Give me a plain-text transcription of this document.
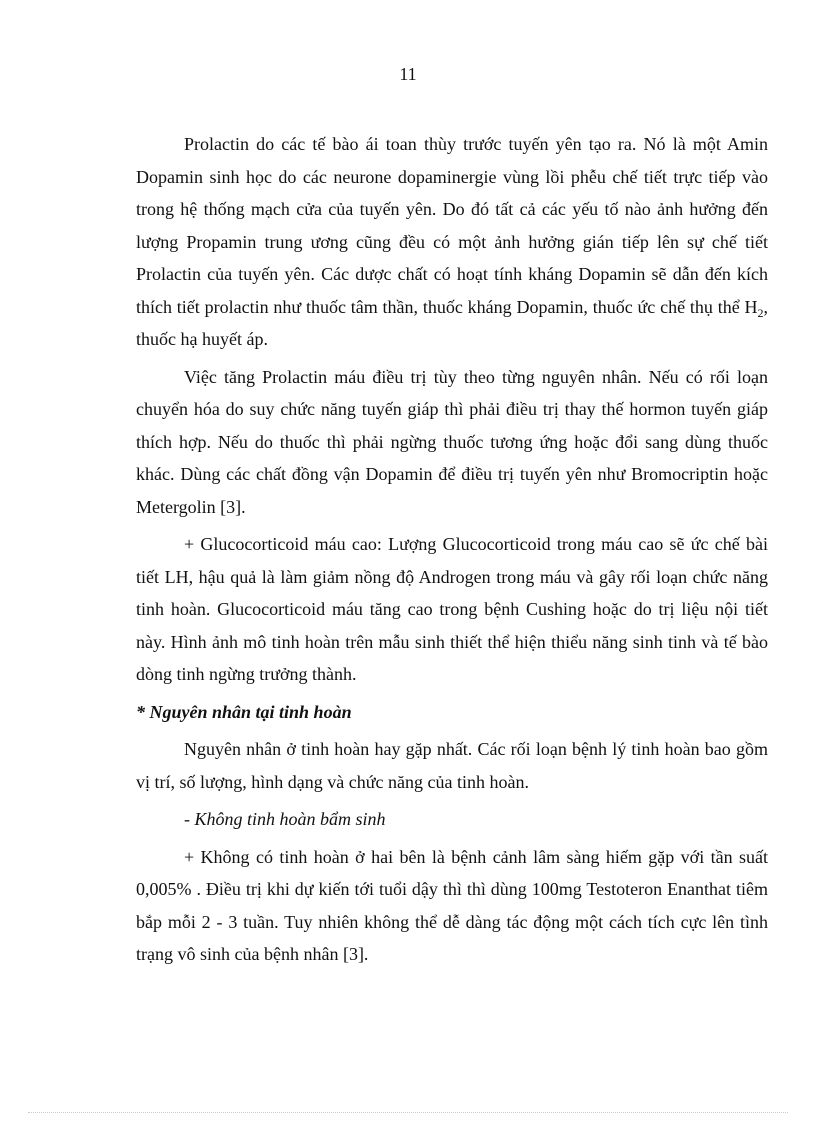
11

Prolactin do các tế bào ái toan thùy trước tuyến yên tạo ra. Nó là một Amin Dopamin sinh học do các neurone dopaminergie vùng lồi phễu chế tiết trực tiếp vào trong hệ thống mạch cửa của tuyến yên. Do đó tất cả các yếu tố nào ảnh hưởng đến lượng Propamin trung ương cũng đều có một ảnh hưởng gián tiếp lên sự chế tiết Prolactin của tuyến yên. Các dược chất có hoạt tính kháng Dopamin sẽ dẫn đến kích thích tiết prolactin như thuốc tâm thần, thuốc kháng Dopamin, thuốc ức chế thụ thể $H_2$, thuốc hạ huyết áp.

Việc tăng Prolactin máu điều trị tùy theo từng nguyên nhân. Nếu có rối loạn chuyển hóa do suy chức năng tuyến giáp thì phải điều trị thay thế hormon tuyến giáp thích hợp. Nếu do thuốc thì phải ngừng thuốc tương ứng hoặc đổi sang dùng thuốc khác. Dùng các chất đồng vận Dopamin để điều trị tuyến yên như Bromocriptin hoặc Metergolin [3].

+ Glucocorticoid máu cao: Lượng Glucocorticoid trong máu cao sẽ ức chế bài tiết LH, hậu quả là làm giảm nồng độ Androgen trong máu và gây rối loạn chức năng tinh hoàn. Glucocorticoid máu tăng cao trong bệnh Cushing hoặc do trị liệu nội tiết này. Hình ảnh mô tinh hoàn trên mẫu sinh thiết thể hiện thiểu năng sinh tinh và tế bào dòng tinh ngừng trưởng thành.

* Nguyên nhân tại tinh hoàn

Nguyên nhân ở tinh hoàn hay gặp nhất. Các rối loạn bệnh lý tinh hoàn bao gồm vị trí, số lượng, hình dạng và chức năng của tinh hoàn.

- Không tinh hoàn bẩm sinh

+ Không có tinh hoàn ở hai bên là bệnh cảnh lâm sàng hiếm gặp với tần suất 0,005% . Điều trị khi dự kiến tới tuổi dậy thì thì dùng 100mg Testoteron Enanthat tiêm bắp mỗi 2 - 3 tuần. Tuy nhiên không thể dễ dàng tác động một cách tích cực lên tình trạng vô sinh của bệnh nhân [3].
